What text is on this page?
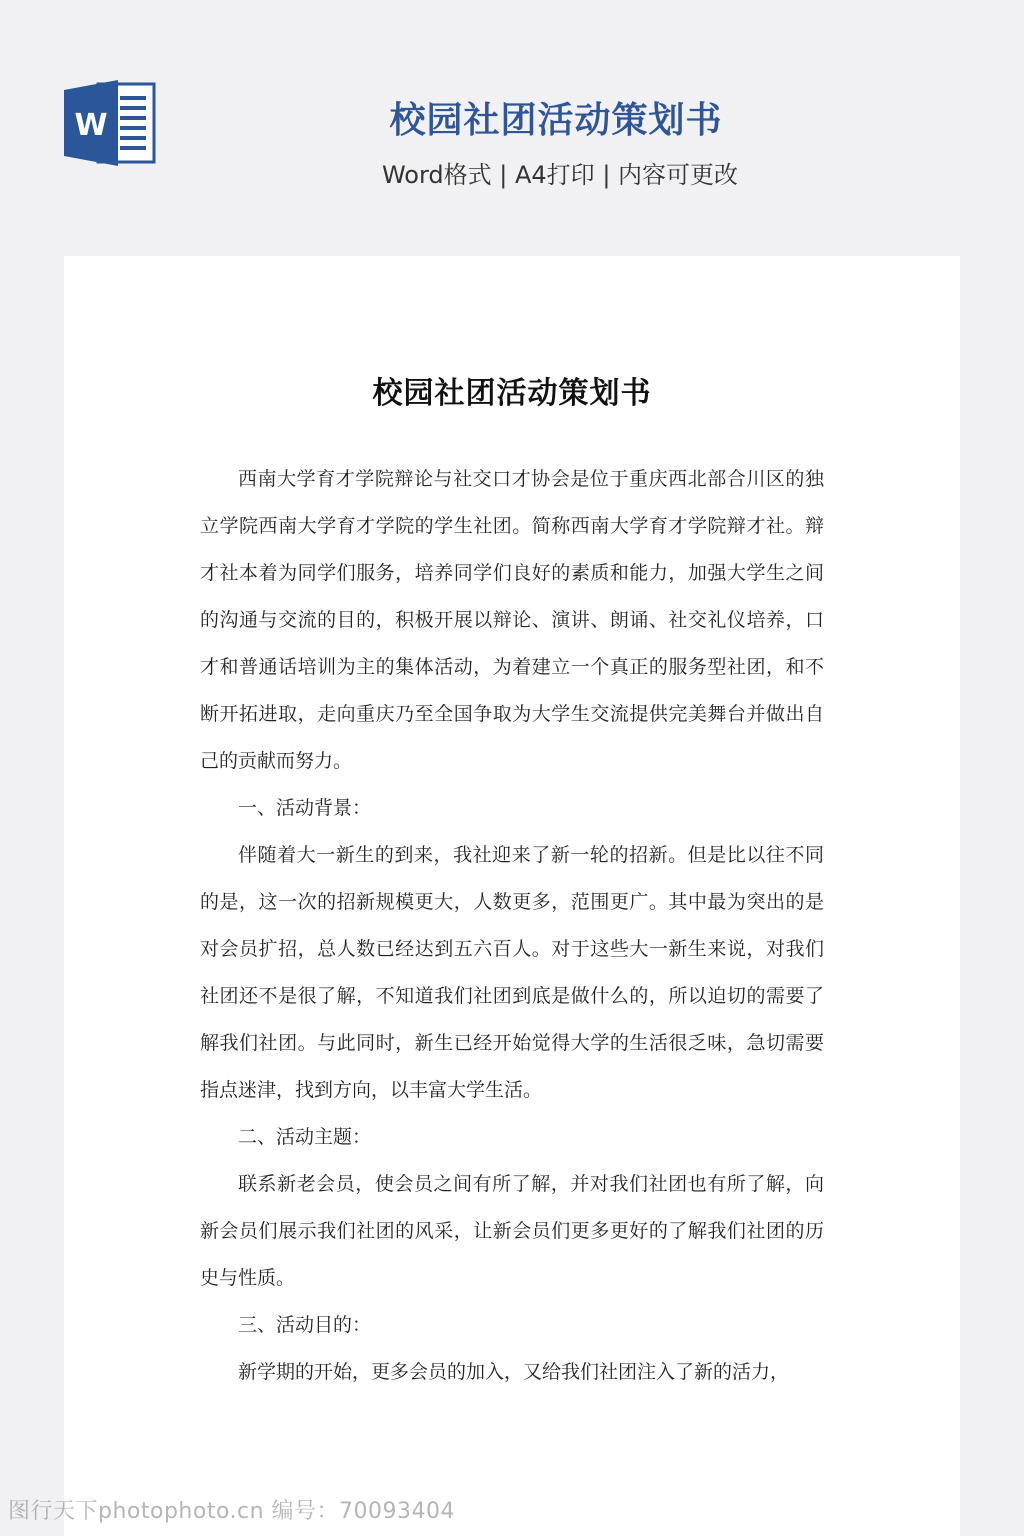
W	校园社团活动策划书
Word格式 | A4打印 | 内容可更改
校园社团活动策划书

西南大学育才学院辩论与社交口才协会是位于重庆西北部合川区的独立学院西南大学育才学院的学生社团。简称西南大学育才学院辩才社。辩才社本着为同学们服务，培养同学们良好的素质和能力，加强大学生之间的沟通与交流的目的，积极开展以辩论、演讲、朗诵、社交礼仪培养，口才和普通话培训为主的集体活动，为着建立一个真正的服务型社团，和不断开拓进取，走向重庆乃至全国争取为大学生交流提供完美舞台并做出自己的贡献而努力。

一、活动背景：

伴随着大一新生的到来，我社迎来了新一轮的招新。但是比以往不同的是，这一次的招新规模更大，人数更多，范围更广。其中最为突出的是对会员扩招，总人数已经达到五六百人。对于这些大一新生来说，对我们社团还不是很了解，不知道我们社团到底是做什么的，所以迫切的需要了解我们社团。与此同时，新生已经开始觉得大学的生活很乏味，急切需要指点迷津，找到方向，以丰富大学生活。

二、活动主题：

联系新老会员，使会员之间有所了解，并对我们社团也有所了解，向新会员们展示我们社团的风采，让新会员们更多更好的了解我们社团的历史与性质。

三、活动目的：

新学期的开始，更多会员的加入，又给我们社团注入了新的活力，

图行天下photophoto.cn 编号：70093404
